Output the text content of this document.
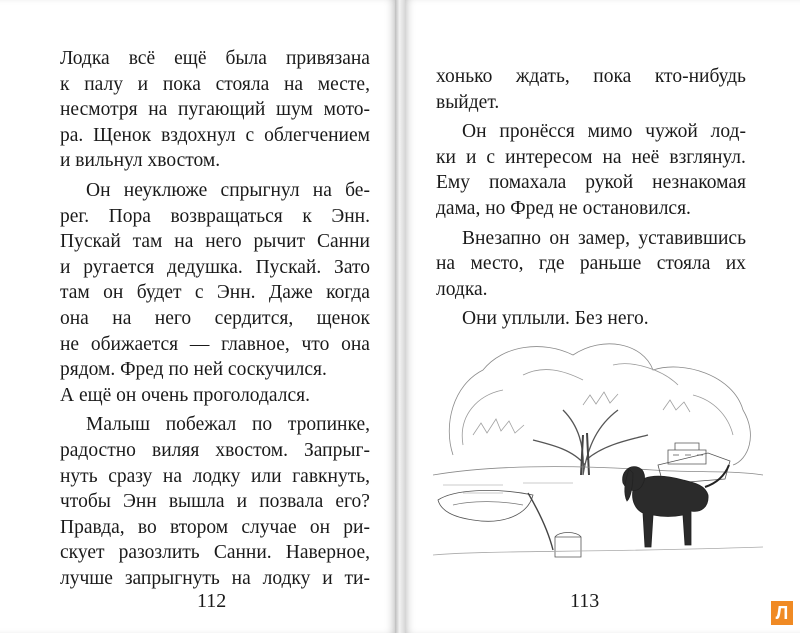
Лодка всё ещё была привязана
к палу и пока стояла на месте,
несмотря на пугающий шум мото-
ра. Щенок вздохнул с облегчением
и вильнул хвостом.
Он неуклюже спрыгнул на бе-
рег. Пора возвращаться к Энн.
Пускай там на него рычит Санни
и ругается дедушка. Пускай. Зато
там он будет с Энн. Даже когда
она на него сердится, щенок
не обижается — главное, что она
рядом. Фред по ней соскучился.
А ещё он очень проголодался.
Малыш побежал по тропинке,
радостно виляя хвостом. Запрыг-
нуть сразу на лодку или гавкнуть,
чтобы Энн вышла и позвала его?
Правда, во втором случае он ри-
скует разозлить Санни. Наверное,
лучше запрыгнуть на лодку и ти-
112
хонько ждать, пока кто-нибудь
выйдет.
Он пронёсся мимо чужой лод-
ки и с интересом на неё взглянул.
Ему помахала рукой незнакомая
дама, но Фред не остановился.
Внезапно он замер, уставившись
на место, где раньше стояла их
лодка.
Они уплыли. Без него.
Л
113
